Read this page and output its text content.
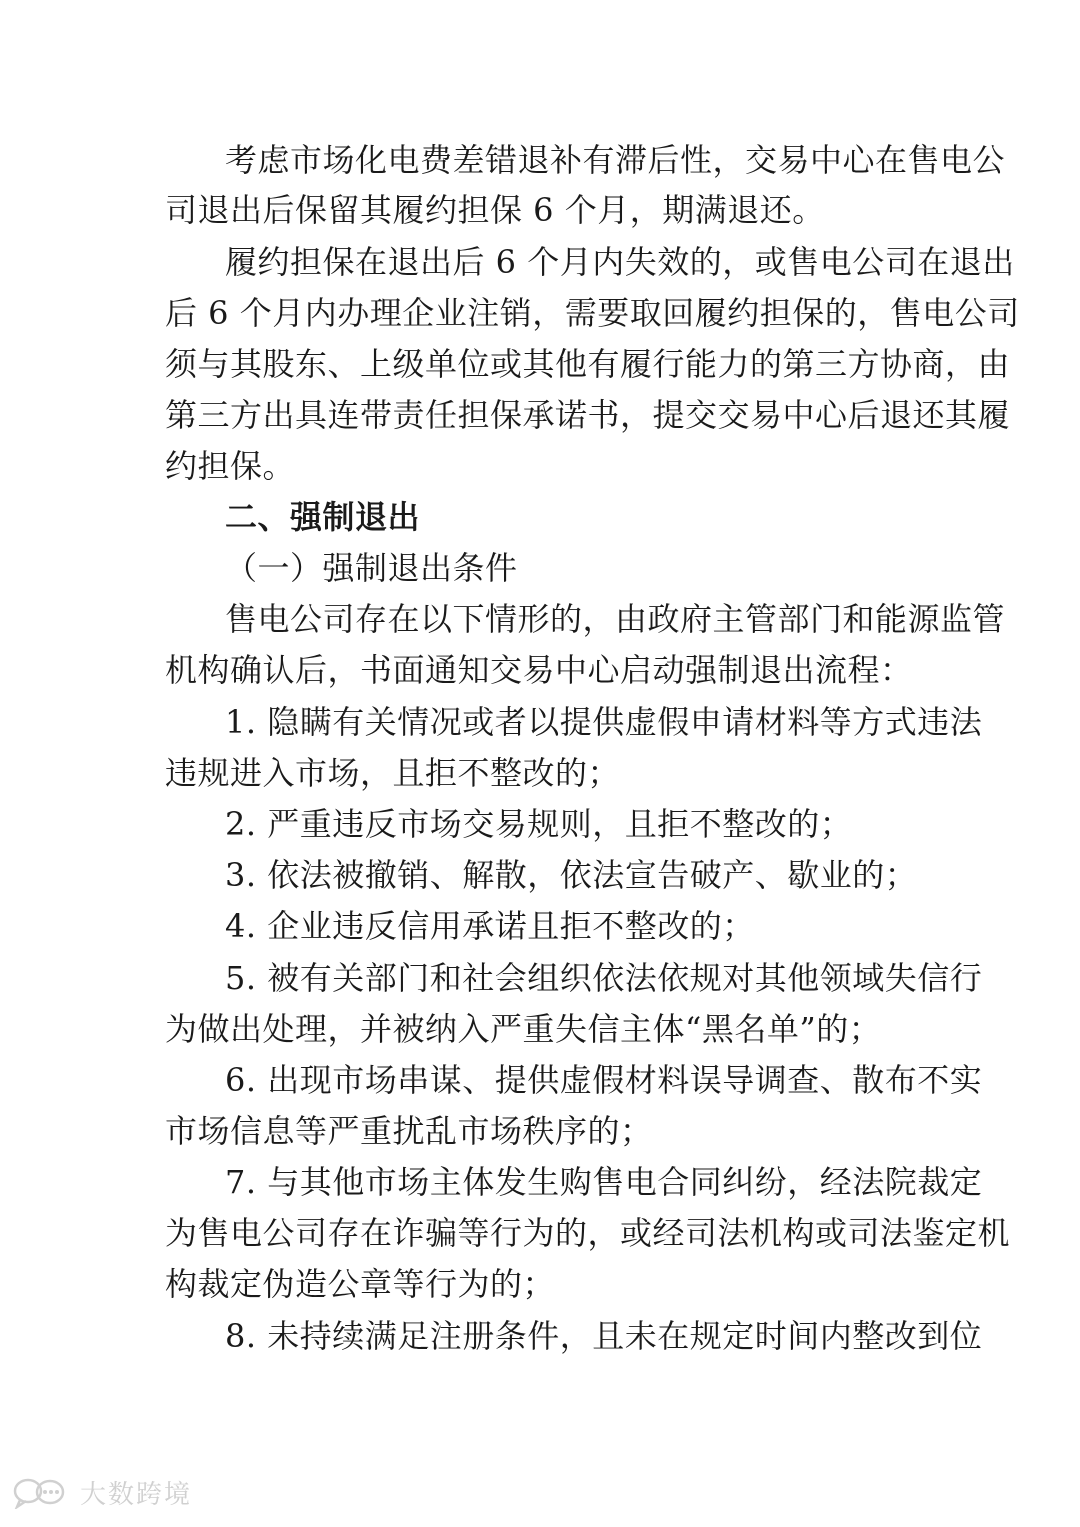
考虑市场化电费差错退补有滞后性，交易中心在售电公
司退出后保留其履约担保 6 个月，期满退还。
履约担保在退出后 6 个月内失效的，或售电公司在退出
后 6 个月内办理企业注销，需要取回履约担保的，售电公司
须与其股东、上级单位或其他有履行能力的第三方协商，由
第三方出具连带责任担保承诺书，提交交易中心后退还其履
约担保。
二、强制退出
（一）强制退出条件
售电公司存在以下情形的，由政府主管部门和能源监管
机构确认后，书面通知交易中心启动强制退出流程：
1. 隐瞒有关情况或者以提供虚假申请材料等方式违法
违规进入市场，且拒不整改的；
2. 严重违反市场交易规则，且拒不整改的；
3. 依法被撤销、解散，依法宣告破产、歇业的；
4. 企业违反信用承诺且拒不整改的；
5. 被有关部门和社会组织依法依规对其他领域失信行
为做出处理，并被纳入严重失信主体“黑名单”的；
6. 出现市场串谋、提供虚假材料误导调查、散布不实
市场信息等严重扰乱市场秩序的；
7. 与其他市场主体发生购售电合同纠纷，经法院裁定
为售电公司存在诈骗等行为的，或经司法机构或司法鉴定机
构裁定伪造公章等行为的；
8. 未持续满足注册条件，且未在规定时间内整改到位
大数跨境
